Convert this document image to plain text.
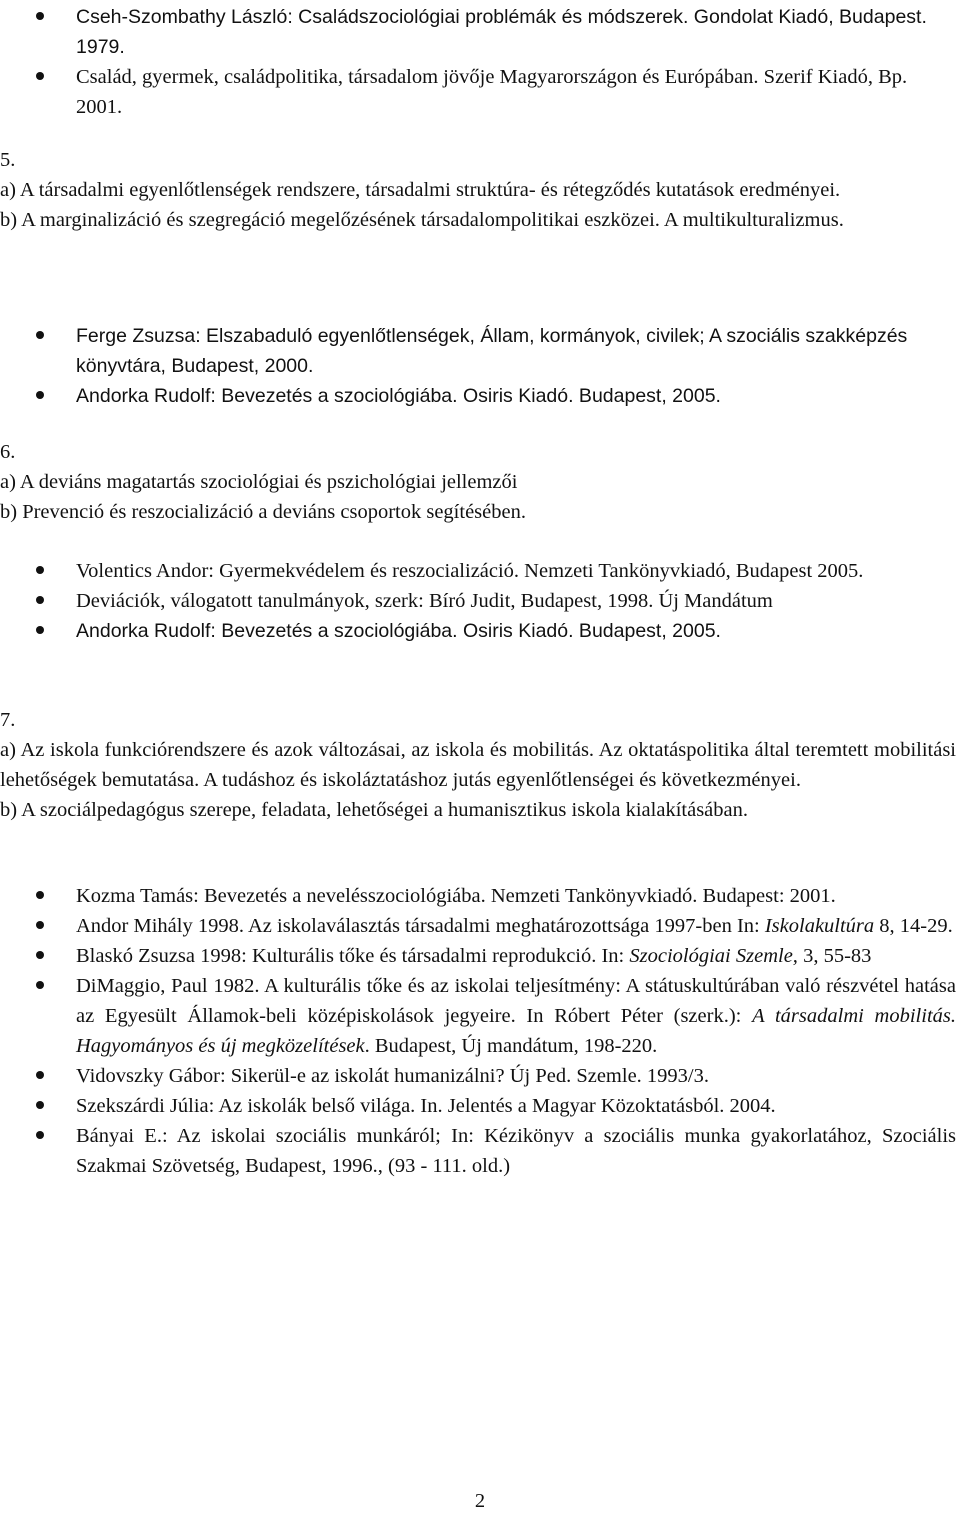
Cseh-Szombathy László: Családszociológiai problémák és módszerek. Gondolat Kiadó, Budapest. 1979.
Család, gyermek, családpolitika, társadalom jövője Magyarországon és Európában. Szerif Kiadó, Bp. 2001.

5.

a) A társadalmi egyenlőtlenségek rendszere, társadalmi struktúra- és rétegződés kutatások eredményei.

b) A marginalizáció és szegregáció megelőzésének társadalompolitikai eszközei. A multikulturalizmus.

Ferge Zsuzsa: Elszabaduló egyenlőtlenségek, Állam, kormányok, civilek; A szociális szakképzés könyvtára, Budapest, 2000.
Andorka Rudolf: Bevezetés a szociológiába. Osiris Kiadó. Budapest, 2005.

6.

a) A deviáns magatartás szociológiai és pszichológiai jellemzői

b) Prevenció és reszocializáció a deviáns csoportok segítésében.

Volentics Andor: Gyermekvédelem és reszocializáció. Nemzeti Tankönyvkiadó, Budapest 2005.
Deviációk, válogatott tanulmányok, szerk: Bíró Judit, Budapest, 1998. Új Mandátum
Andorka Rudolf: Bevezetés a szociológiába. Osiris Kiadó. Budapest, 2005.

7.

a) Az iskola funkciórendszere és azok változásai, az iskola és mobilitás. Az oktatáspolitika által teremtett mobilitási lehetőségek bemutatása. A tudáshoz és iskoláztatáshoz jutás egyenlőtlenségei és következményei.

b) A szociálpedagógus szerepe, feladata, lehetőségei a humanisztikus iskola kialakításában.

Kozma Tamás: Bevezetés a nevelésszociológiába. Nemzeti Tankönyvkiadó. Budapest: 2001.
Andor Mihály 1998. Az iskolaválasztás társadalmi meghatározottsága 1997-ben In: Iskolakultúra 8, 14-29.
Blaskó Zsuzsa 1998: Kulturális tőke és társadalmi reprodukció. In: Szociológiai Szemle, 3, 55-83
DiMaggio, Paul 1982. A kulturális tőke és az iskolai teljesítmény: A státuskultúrában való részvétel hatása az Egyesült Államok-beli középiskolások jegyeire. In Róbert Péter (szerk.): A társadalmi mobilitás. Hagyományos és új megközelítések. Budapest, Új mandátum, 198-220.
Vidovszky Gábor: Sikerül-e az iskolát humanizálni? Új Ped. Szemle. 1993/3.
Szekszárdi Júlia: Az iskolák belső világa. In. Jelentés a Magyar Közoktatásból. 2004.
Bányai E.: Az iskolai szociális munkáról; In: Kézikönyv a szociális munka gyakorlatához, Szociális Szakmai Szövetség, Budapest, 1996., (93 - 111. old.)
2
